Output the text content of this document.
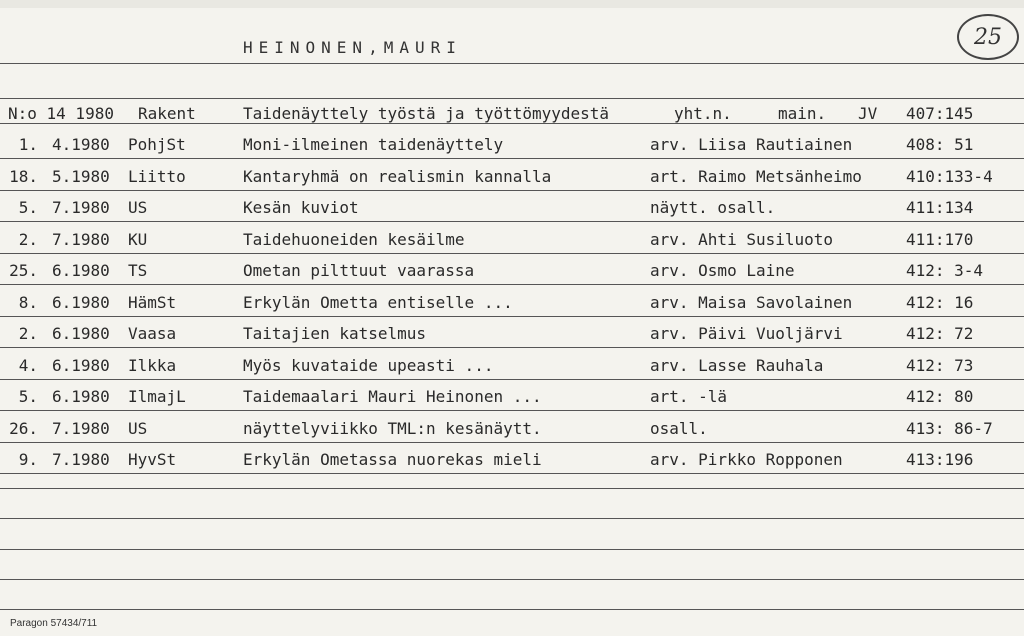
HEINONEN,MAURI	25
N:o 14 1980 Rakent	Taidenäyttely työstä ja työttömyydestä	yht.n.	main. JV 407:145
1. 4.1980 PohjSt	Moni-ilmeinen taidenäyttely	arv. Liisa Rautiainen	408: 51
18. 5.1980 Liitto	Kantaryhmä on realismin kannalla	art. Raimo Metsänheimo	410:133-4
5. 7.1980 US	Kesän kuviot	näytt. osall.	411:134
2. 7.1980 KU	Taidehuoneiden kesäilme	arv. Ahti Susiluoto	411:170
25. 6.1980 TS	Ometan pilttuut vaarassa	arv. Osmo Laine	412: 3-4
8. 6.1980 HämSt	Erkylän Ometta entiselle ...	arv. Maisa Savolainen	412: 16
2. 6.1980 Vaasa	Taitajien katselmus	arv. Päivi Vuoljärvi	412: 72
4. 6.1980 Ilkka	Myös kuvataide upeasti ...	arv. Lasse Rauhala	412: 73
5. 6.1980 IlmajL	Taidemaalari Mauri Heinonen ...	art. -lä	412: 80
26. 7.1980 US	näyttelyviikko TML:n kesänäytt.	osall.	413: 86-7
9. 7.1980 HyvSt	Erkylän Ometassa nuorekas mieli	arv. Pirkko Ropponen	413:196
Paragon 57434/711
